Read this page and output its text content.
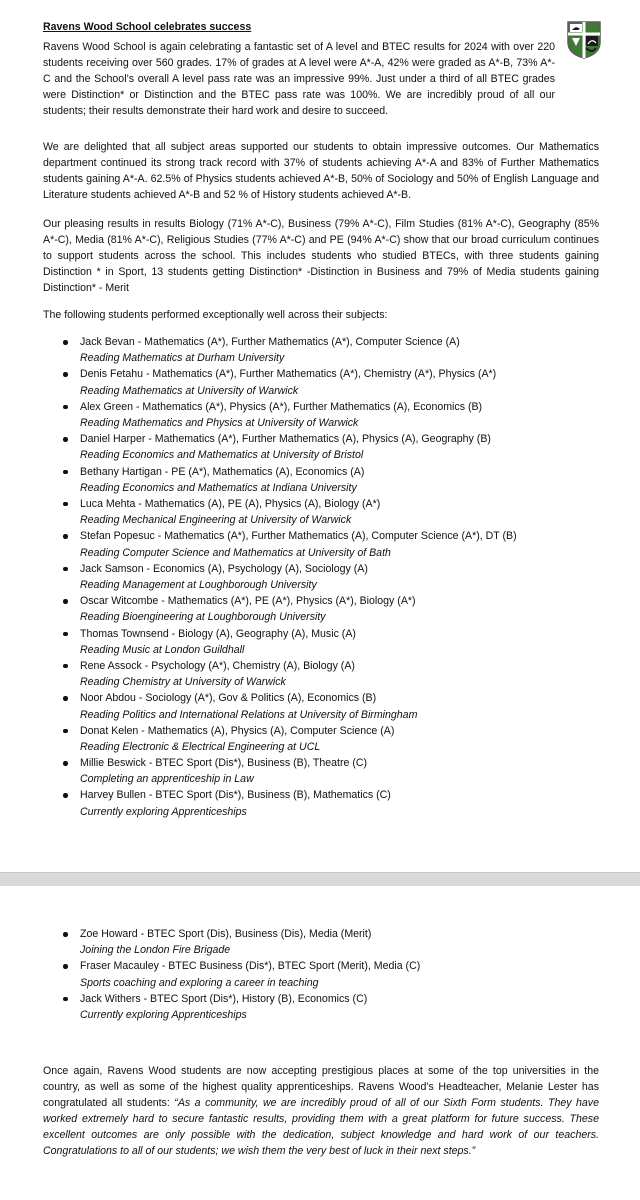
Ravens Wood School celebrates success

Ravens Wood School is again celebrating a fantastic set of A level and BTEC results for 2024 with over 220 students receiving over 560 grades. 17% of grades at A level were A*-A, 42% were graded as A*-B, 73% A*-C and the School’s overall A level pass rate was an impressive 99%. Just under a third of all BTEC grades were Distinction* or Distinction and the BTEC pass rate was 100%. We are incredibly proud of all our students; their results demonstrate their hard work and desire to succeed.

We are delighted that all subject areas supported our students to obtain impressive outcomes. Our Mathematics department continued its strong track record with 37% of students achieving A*-A and 83% of Further Mathematics students gaining A*-A. 62.5% of Physics students achieved A*-B, 50% of Sociology and 50% of English Language and Literature students achieved A*-B and 52 % of History students achieved A*-B.

Our pleasing results in results Biology (71% A*-C), Business (79% A*-C), Film Studies (81% A*-C), Geography (85% A*-C), Media (81% A*-C), Religious Studies (77% A*-C) and PE (94% A*-C) show that our broad curriculum continues to support students across the school. This includes students who studied BTECs, with three students gaining Distinction * in Sport, 13 students getting Distinction* -Distinction in Business and 79% of Media students gaining Distinction* - Merit

The following students performed exceptionally well across their subjects:

Jack Bevan - Mathematics (A*), Further Mathematics (A*), Computer Science (A)
Reading Mathematics at Durham University
Denis Fetahu - Mathematics (A*), Further Mathematics (A*), Chemistry (A*), Physics (A*)
Reading Mathematics at University of Warwick
Alex Green - Mathematics (A*), Physics (A*), Further Mathematics (A), Economics (B)
Reading Mathematics and Physics at University of Warwick
Daniel Harper - Mathematics (A*), Further Mathematics (A), Physics (A), Geography (B)
Reading Economics and Mathematics at University of Bristol
Bethany Hartigan - PE (A*), Mathematics (A), Economics (A)
Reading Economics and Mathematics at Indiana University
Luca Mehta - Mathematics (A), PE (A), Physics (A), Biology (A*)
Reading Mechanical Engineering at University of Warwick
Stefan Popesuc - Mathematics (A*), Further Mathematics (A), Computer Science (A*), DT (B)
Reading Computer Science and Mathematics at University of Bath
Jack Samson - Economics (A), Psychology (A), Sociology (A)
Reading Management at Loughborough University
Oscar Witcombe - Mathematics (A*), PE (A*), Physics (A*), Biology (A*)
Reading Bioengineering at Loughborough University
Thomas Townsend - Biology (A), Geography (A), Music (A)
Reading Music at London Guildhall
Rene Assock - Psychology (A*), Chemistry (A), Biology (A)
Reading Chemistry at University of Warwick
Noor Abdou - Sociology (A*), Gov & Politics (A), Economics (B)
Reading Politics and International Relations at University of Birmingham
Donat Kelen - Mathematics (A), Physics (A), Computer Science (A)
Reading Electronic & Electrical Engineering at UCL
Millie Beswick - BTEC Sport (Dis*), Business (B), Theatre (C)
Completing an apprenticeship in Law
Harvey Bullen - BTEC Sport (Dis*), Business (B), Mathematics (C)
Currently exploring Apprenticeships
Zoe Howard - BTEC Sport (Dis), Business (Dis), Media (Merit)
Joining the London Fire Brigade
Fraser Macauley - BTEC Business (Dis*), BTEC Sport (Merit), Media (C)
Sports coaching and exploring a career in teaching
Jack Withers - BTEC Sport (Dis*), History (B), Economics (C)
Currently exploring Apprenticeships

Once again, Ravens Wood students are now accepting prestigious places at some of the top universities in the country, as well as some of the highest quality apprenticeships. Ravens Wood’s Headteacher, Melanie Lester has congratulated all students: “As a community, we are incredibly proud of all of our Sixth Form students. They have worked extremely hard to secure fantastic results, providing them with a great platform for future success. These excellent outcomes are only possible with the dedication, subject knowledge and hard work of our teachers. Congratulations to all of our students; we wish them the very best of luck in their next steps.”
